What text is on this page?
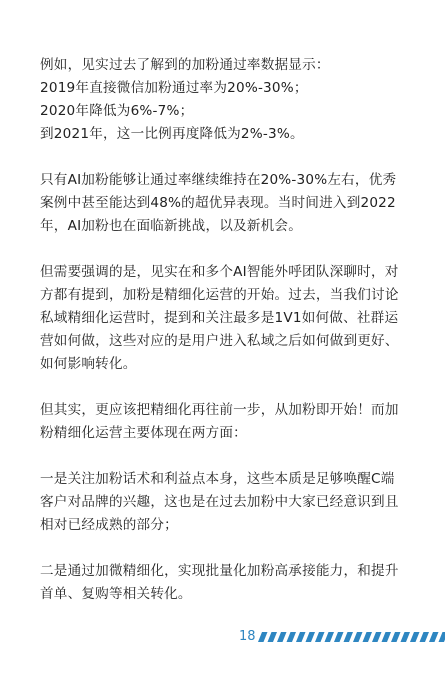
例如，见实过去了解到的加粉通过率数据显示：
2019年直接微信加粉通过率为20%-30%；
2020年降低为6%-7%；
到2021年，这一比例再度降低为2%-3%。

只有AI加粉能够让通过率继续维持在20%-30%左右，优秀
案例中甚至能达到48%的超优异表现。当时间进入到2022
年，AI加粉也在面临新挑战，以及新机会。

但需要强调的是，见实在和多个AI智能外呼团队深聊时，对
方都有提到，加粉是精细化运营的开始。过去，当我们讨论
私域精细化运营时，提到和关注最多是1V1如何做、社群运
营如何做，这些对应的是用户进入私域之后如何做到更好、
如何影响转化。

但其实，更应该把精细化再往前一步，从加粉即开始！而加
粉精细化运营主要体现在两方面：

一是关注加粉话术和利益点本身，这些本质是足够唤醒C端
客户对品牌的兴趣，这也是在过去加粉中大家已经意识到且
相对已经成熟的部分；

二是通过加微精细化，实现批量化加粉高承接能力，和提升
首单、复购等相关转化。

18
